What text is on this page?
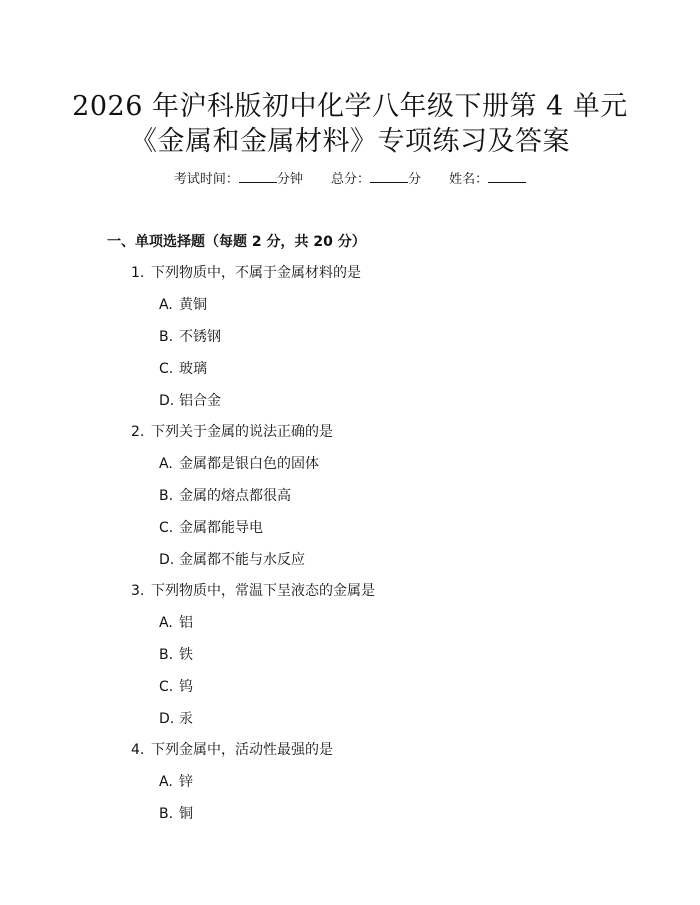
2026 年沪科版初中化学八年级下册第 4 单元
《金属和金属材料》专项练习及答案
考试时间：	分钟 总分：	分 姓名：
一、单项选择题（每题 2 分，共 20 分）
1. 下列物质中，不属于金属材料的是
A. 黄铜
B. 不锈钢
C. 玻璃
D. 铝合金
2. 下列关于金属的说法正确的是
A. 金属都是银白色的固体
B. 金属的熔点都很高
C. 金属都能导电
D. 金属都不能与水反应
3. 下列物质中，常温下呈液态的金属是
A. 铝
B. 铁
C. 钨
D. 汞
4. 下列金属中，活动性最强的是
A. 锌
B. 铜
